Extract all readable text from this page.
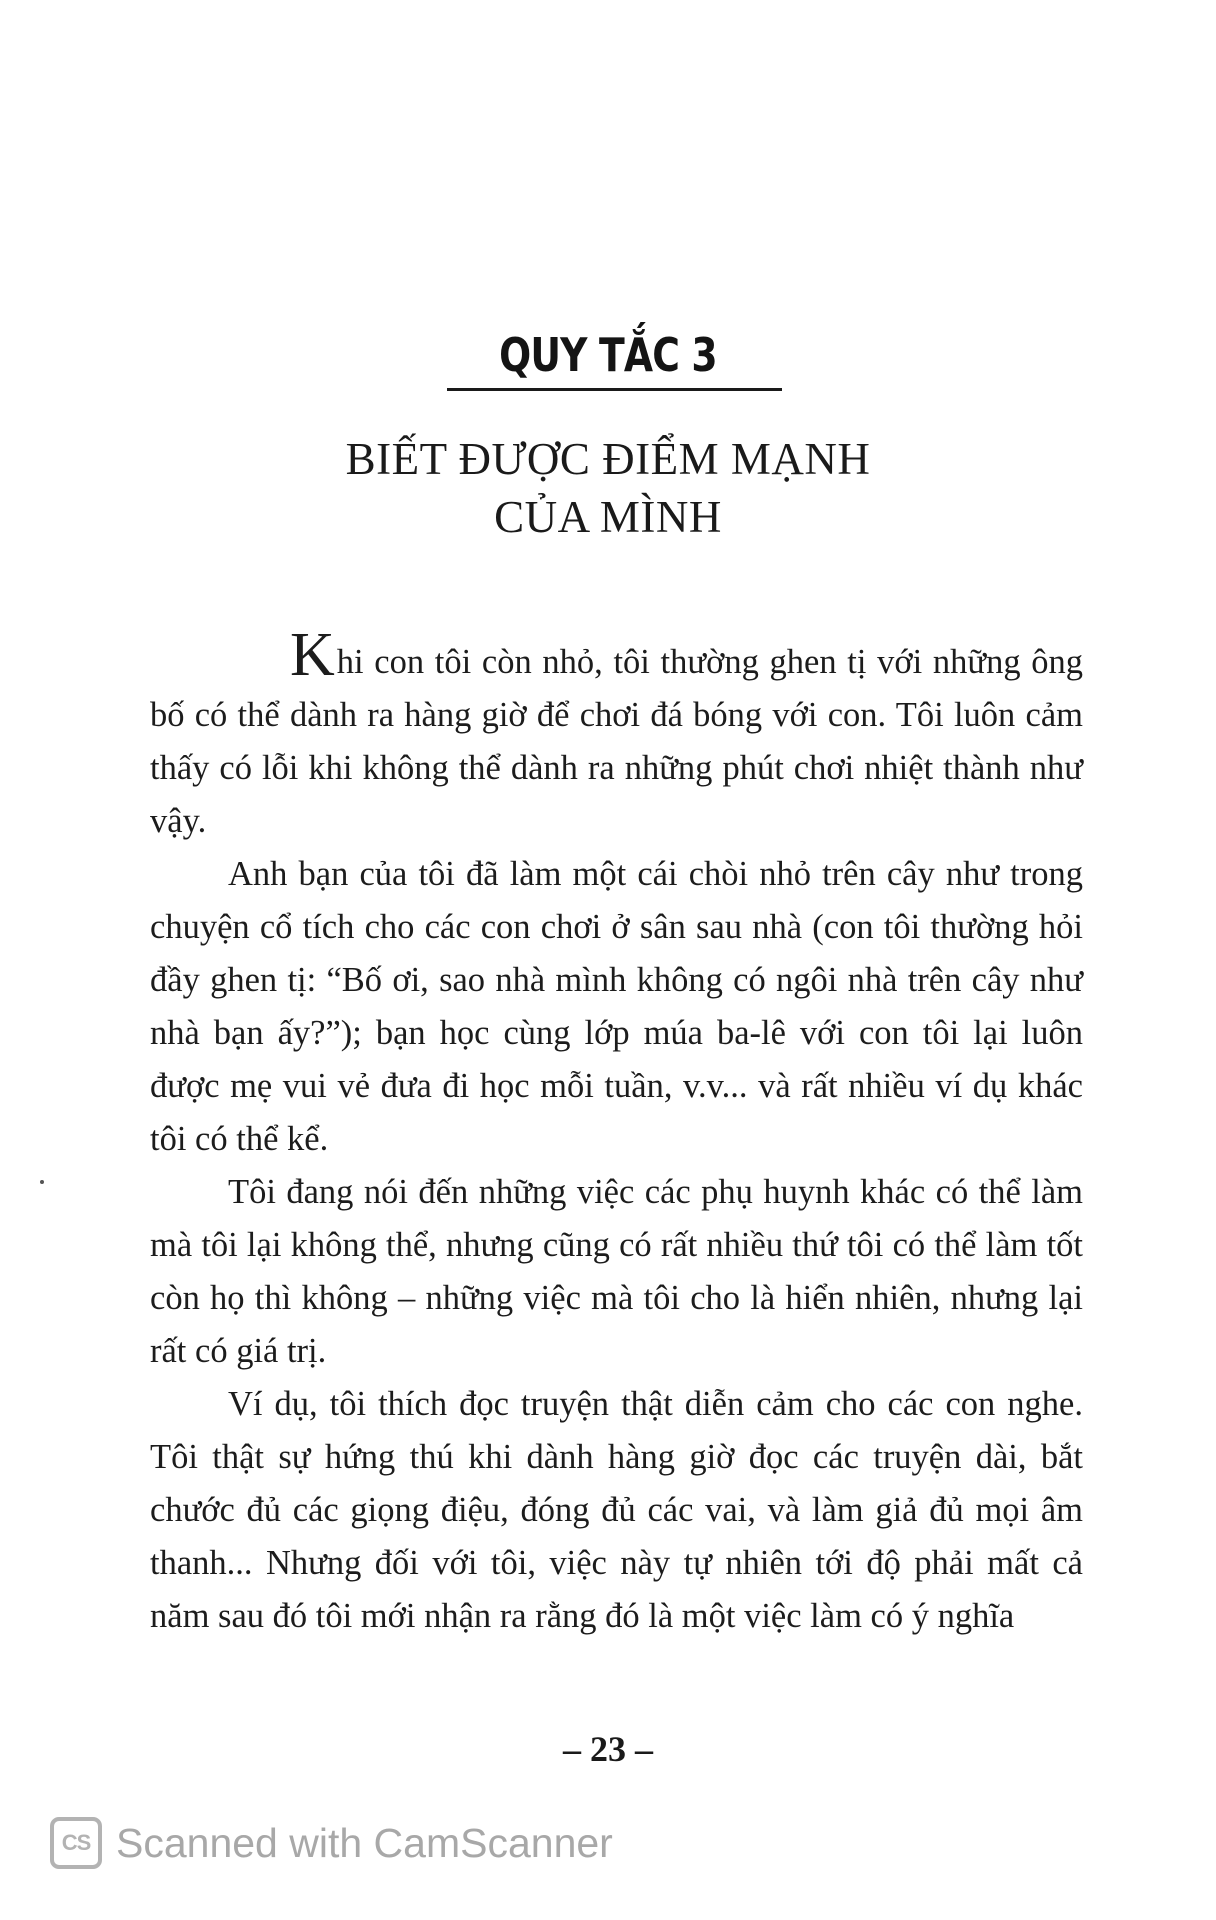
QUY TẮC 3
BIẾT ĐƯỢC ĐIỂM MẠNH
CỦA MÌNH

Khi con tôi còn nhỏ, tôi thường ghen tị với những ông bố có thể dành ra hàng giờ để chơi đá bóng với con. Tôi luôn cảm thấy có lỗi khi không thể dành ra những phút chơi nhiệt thành như vậy.

Anh bạn của tôi đã làm một cái chòi nhỏ trên cây như trong chuyện cổ tích cho các con chơi ở sân sau nhà (con tôi thường hỏi đầy ghen tị: “Bố ơi, sao nhà mình không có ngôi nhà trên cây như nhà bạn ấy?”); bạn học cùng lớp múa ba-lê với con tôi lại luôn được mẹ vui vẻ đưa đi học mỗi tuần, v.v... và rất nhiều ví dụ khác tôi có thể kể.

Tôi đang nói đến những việc các phụ huynh khác có thể làm mà tôi lại không thể, nhưng cũng có rất nhiều thứ tôi có thể làm tốt còn họ thì không – những việc mà tôi cho là hiển nhiên, nhưng lại rất có giá trị.

Ví dụ, tôi thích đọc truyện thật diễn cảm cho các con nghe. Tôi thật sự hứng thú khi dành hàng giờ đọc các truyện dài, bắt chước đủ các giọng điệu, đóng đủ các vai, và làm giả đủ mọi âm thanh... Nhưng đối với tôi, việc này tự nhiên tới độ phải mất cả năm sau đó tôi mới nhận ra rằng đó là một việc làm có ý nghĩa

– 23 –
CS Scanned with CamScanner
